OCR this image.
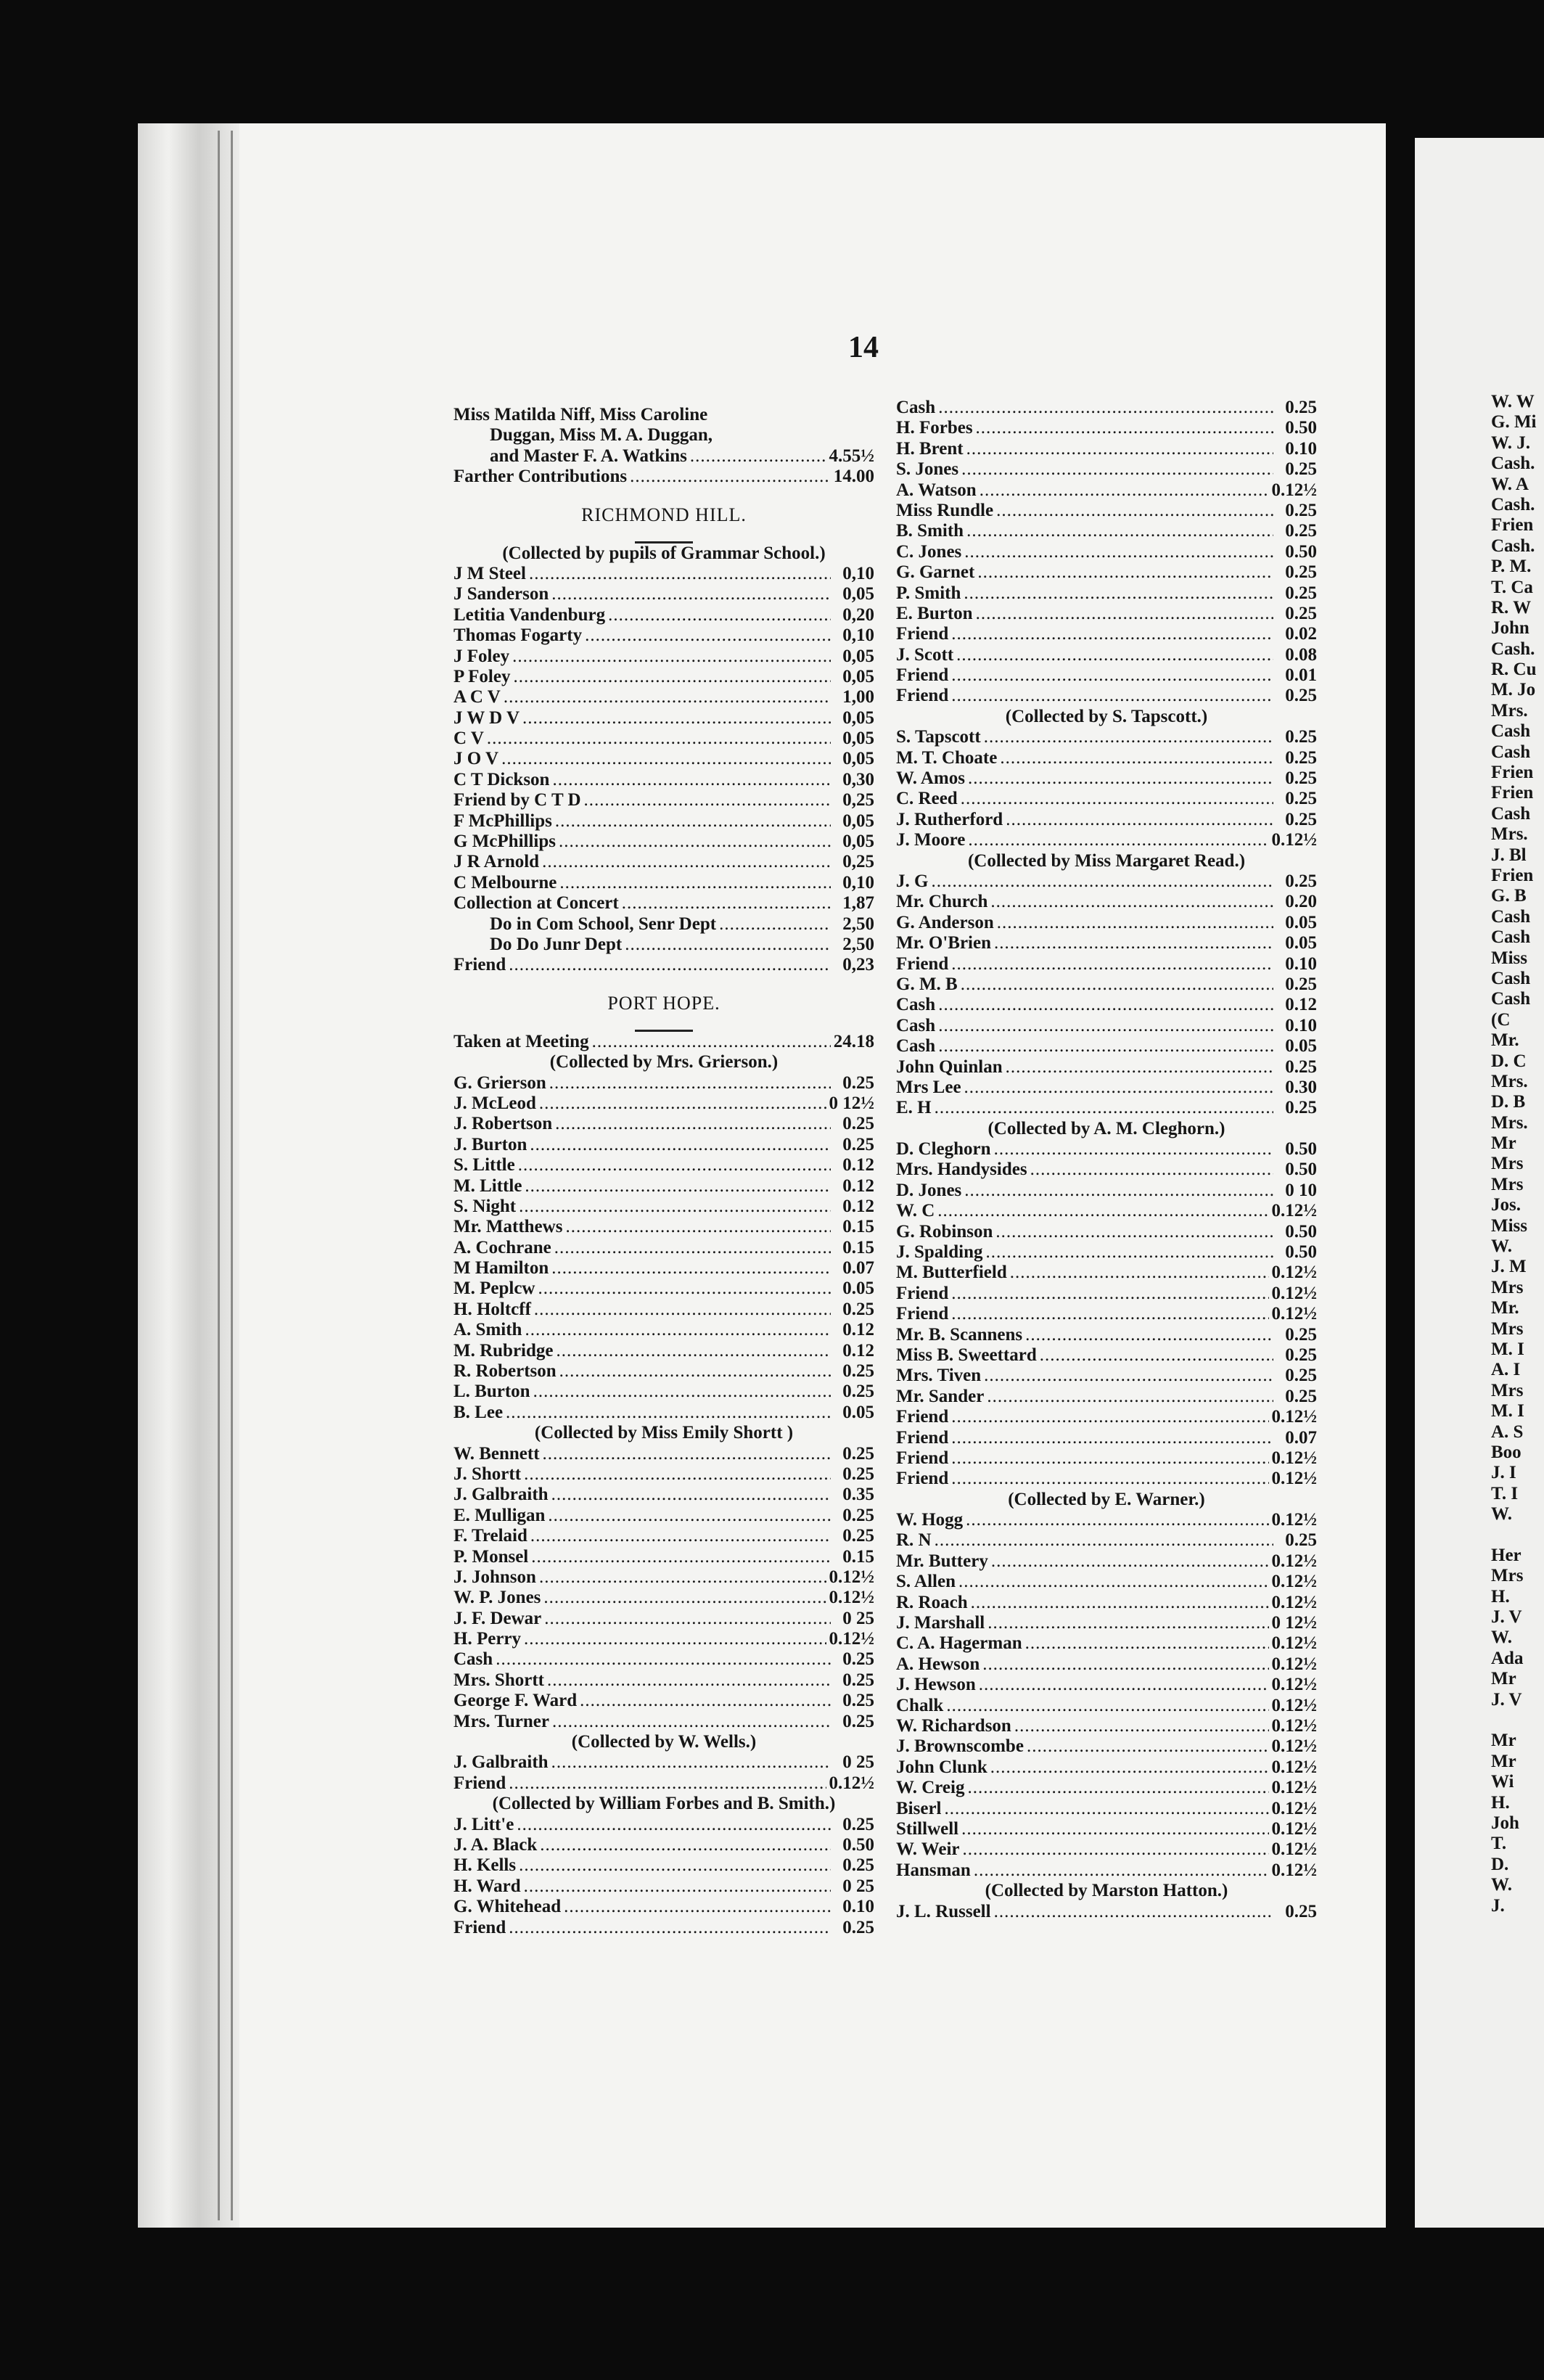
14
Miss Matilda Niff, Miss Caroline
Duggan, Miss M. A. Duggan,
and Master F. A. Watkins .....	4.55½
Farther Contributions .....	14.00
RICHMOND HILL.
(Collected by pupils of Grammar School.)
J M Steel .....	0,10
J Sanderson .....	0,05
Letitia Vandenburg .....	0,20
Thomas Fogarty .....	0,10
J Foley .....	0,05
P Foley .....	0,05
A C V .....	1,00
J W D V .....	0,05
C V .....	0,05
J O V .....	0,05
C T Dickson .....	0,30
Friend by C T D .....	0,25
F McPhillips .....	0,05
G McPhillips .....	0,05
J R Arnold .....	0,25
C Melbourne .....	0,10
Collection at Concert .....	1,87
Do in Com School, Senr Dept .....	2,50
Do Do Junr Dept .....	2,50
Friend .....	0,23
PORT HOPE.
Taken at Meeting .....	24.18
(Collected by Mrs. Grierson.)
G. Grierson .....	0.25
J. McLeod .....	0 12½
J. Robertson .....	0.25
J. Burton .....	0.25
S. Little .....	0.12
M. Little .....	0.12
S. Night .....	0.12
Mr. Matthews .....	0.15
A. Cochrane .....	0.15
M Hamilton .....	0.07
M. Peplcw .....	0.05
H. Holtcff .....	0.25
A. Smith .....	0.12
M. Rubridge .....	0.12
R. Robertson .....	0.25
L. Burton .....	0.25
B. Lee .....	0.05
(Collected by Miss Emily Shortt )
W. Bennett .....	0.25
J. Shortt .....	0.25
J. Galbraith .....	0.35
E. Mulligan .....	0.25
F. Trelaid .....	0.25
P. Monsel .....	0.15
J. Johnson .....	0.12½
W. P. Jones .....	0.12½
J. F. Dewar .....	0 25
H. Perry .....	0.12½
Cash .....	0.25
Mrs. Shortt .....	0.25
George F. Ward .....	0.25
Mrs. Turner .....	0.25
(Collected by W. Wells.)
J. Galbraith .....	0 25
Friend .....	0.12½
(Collected by William Forbes and B. Smith.)
J. Litt'e .....	0.25
J. A. Black .....	0.50
H. Kells .....	0.25
H. Ward .....	0 25
G. Whitehead .....	0.10
Friend .....	0.25
Cash .....	0.25
H. Forbes .....	0.50
H. Brent .....	0.10
S. Jones .....	0.25
A. Watson .....	0.12½
Miss Rundle .....	0.25
B. Smith .....	0.25
C. Jones .....	0.50
G. Garnet .....	0.25
P. Smith .....	0.25
E. Burton .....	0.25
Friend .....	0.02
J. Scott .....	0.08
Friend .....	0.01
Friend .....	0.25
(Collected by S. Tapscott.)
S. Tapscott .....	0.25
M. T. Choate .....	0.25
W. Amos .....	0.25
C. Reed .....	0.25
J. Rutherford .....	0.25
J. Moore .....	0.12½
(Collected by Miss Margaret Read.)
J. G .....	0.25
Mr. Church .....	0.20
G. Anderson .....	0.05
Mr. O'Brien .....	0.05
Friend .....	0.10
G. M. B .....	0.25
Cash .....	0.12
Cash .....	0.10
Cash .....	0.05
John Quinlan .....	0.25
Mrs Lee .....	0.30
E. H .....	0.25
(Collected by A. M. Cleghorn.)
D. Cleghorn .....	0.50
Mrs. Handysides .....	0.50
D. Jones .....	0 10
W. C .....	0.12½
G. Robinson .....	0.50
J. Spalding .....	0.50
M. Butterfield .....	0.12½
Friend .....	0.12½
Friend .....	0.12½
Mr. B. Scannens .....	0.25
Miss B. Sweettard .....	0.25
Mrs. Tiven .....	0.25
Mr. Sander .....	0.25
Friend .....	0.12½
Friend .....	0.07
Friend .....	0.12½
Friend .....	0.12½
(Collected by E. Warner.)
W. Hogg .....	0.12½
R. N .....	0.25
Mr. Buttery .....	0.12½
S. Allen .....	0.12½
R. Roach .....	0.12½
J. Marshall .....	0 12½
C. A. Hagerman .....	0.12½
A. Hewson .....	0.12½
J. Hewson .....	0.12½
Chalk .....	0.12½
W. Richardson .....	0.12½
J. Brownscombe .....	0.12½
John Clunk .....	0.12½
W. Creig .....	0.12½
Biserl .....	0.12½
Stillwell .....	0.12½
W. Weir .....	0.12½
Hansman .....	0.12½
(Collected by Marston Hatton.)
J. L. Russell .....	0.25
W. W
G. Mi
W. J.
Cash.
W. A
Cash.
Frien
Cash.
P. M.
T. Ca
R. W
John
Cash.
R. Cu
M. Jo
Mrs.
Cash
Cash
Frien
Frien
Cash
Mrs.
J. Bl
Frien
G. B
Cash
Cash
Miss
Cash
Cash
(C
Mr.
D. C
Mrs.
D. B
Mrs.
Mr
Mrs
Mrs
Jos.
Miss
W.
J. M
Mrs
Mr.
Mrs
M. I
A. I
Mrs
M. I
A. S
Boo
J. I
T. I
W.
Her
Mrs
H.
J. V
W.
Ada
Mr
J. V
Mr
Mr
Wi
H.
Joh
T.
D.
W.
J.
